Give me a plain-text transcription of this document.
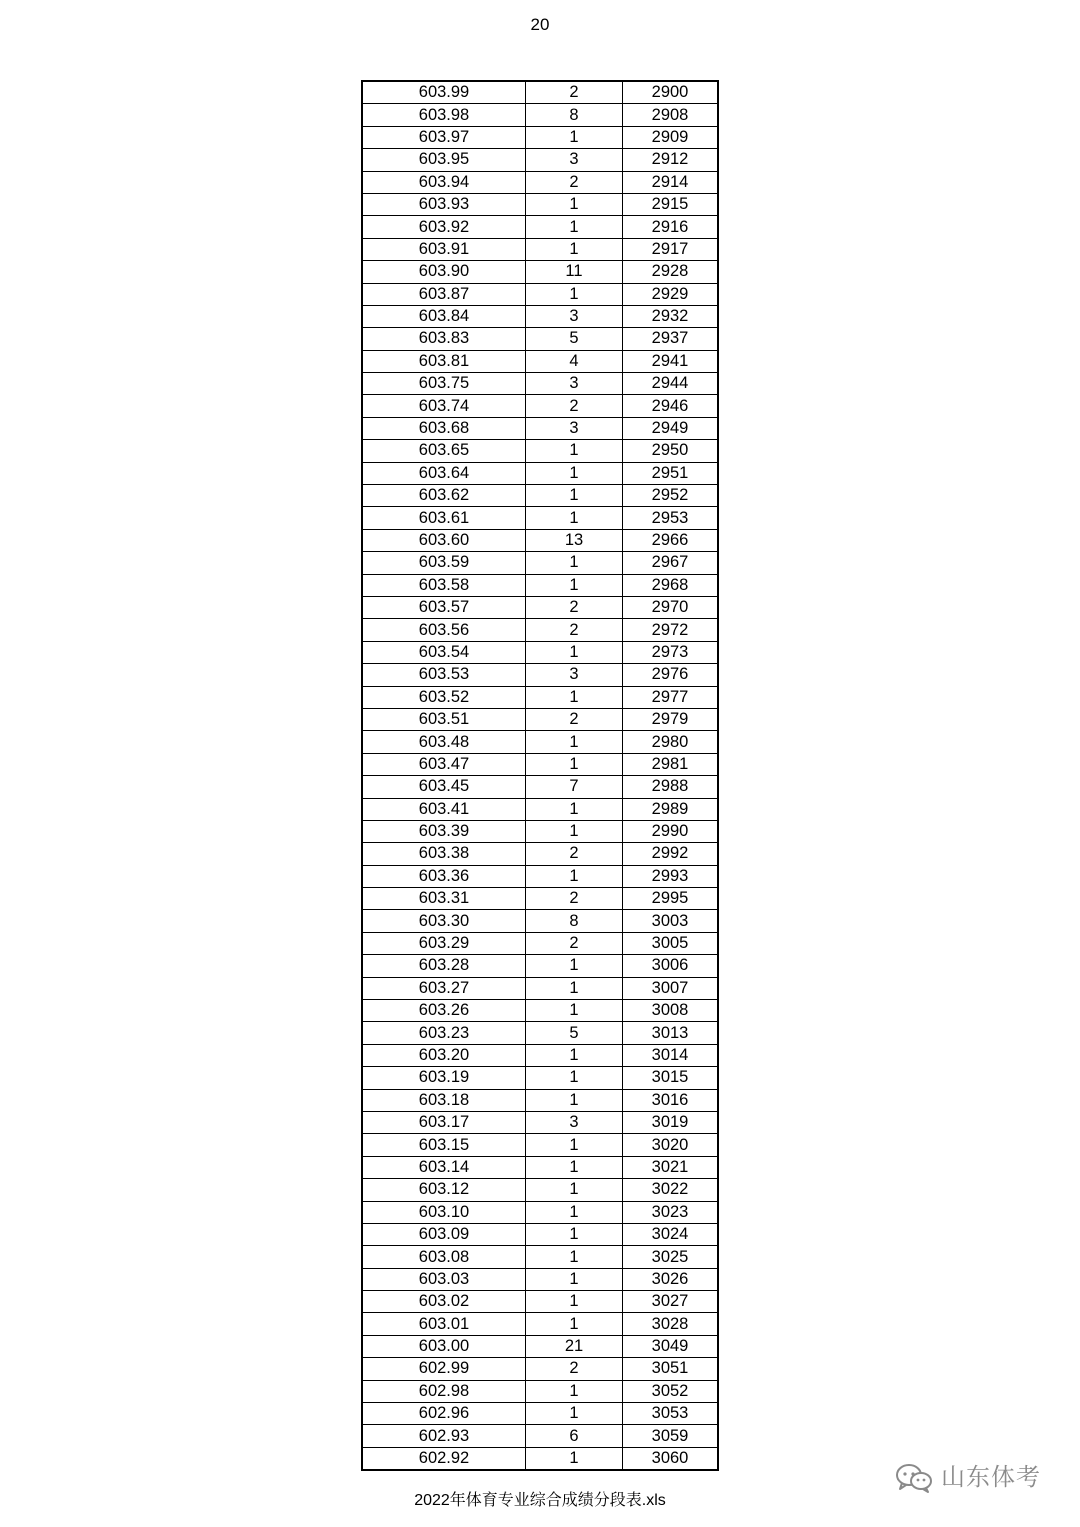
20
603.99	2	2900
603.98	8	2908
603.97	1	2909
603.95	3	2912
603.94	2	2914
603.93	1	2915
603.92	1	2916
603.91	1	2917
603.90	11	2928
603.87	1	2929
603.84	3	2932
603.83	5	2937
603.81	4	2941
603.75	3	2944
603.74	2	2946
603.68	3	2949
603.65	1	2950
603.64	1	2951
603.62	1	2952
603.61	1	2953
603.60	13	2966
603.59	1	2967
603.58	1	2968
603.57	2	2970
603.56	2	2972
603.54	1	2973
603.53	3	2976
603.52	1	2977
603.51	2	2979
603.48	1	2980
603.47	1	2981
603.45	7	2988
603.41	1	2989
603.39	1	2990
603.38	2	2992
603.36	1	2993
603.31	2	2995
603.30	8	3003
603.29	2	3005
603.28	1	3006
603.27	1	3007
603.26	1	3008
603.23	5	3013
603.20	1	3014
603.19	1	3015
603.18	1	3016
603.17	3	3019
603.15	1	3020
603.14	1	3021
603.12	1	3022
603.10	1	3023
603.09	1	3024
603.08	1	3025
603.03	1	3026
603.02	1	3027
603.01	1	3028
603.00	21	3049
602.99	2	3051
602.98	1	3052
602.96	1	3053
602.93	6	3059
602.92	1	3060
山东体考
2022年体育专业综合成绩分段表.xls
